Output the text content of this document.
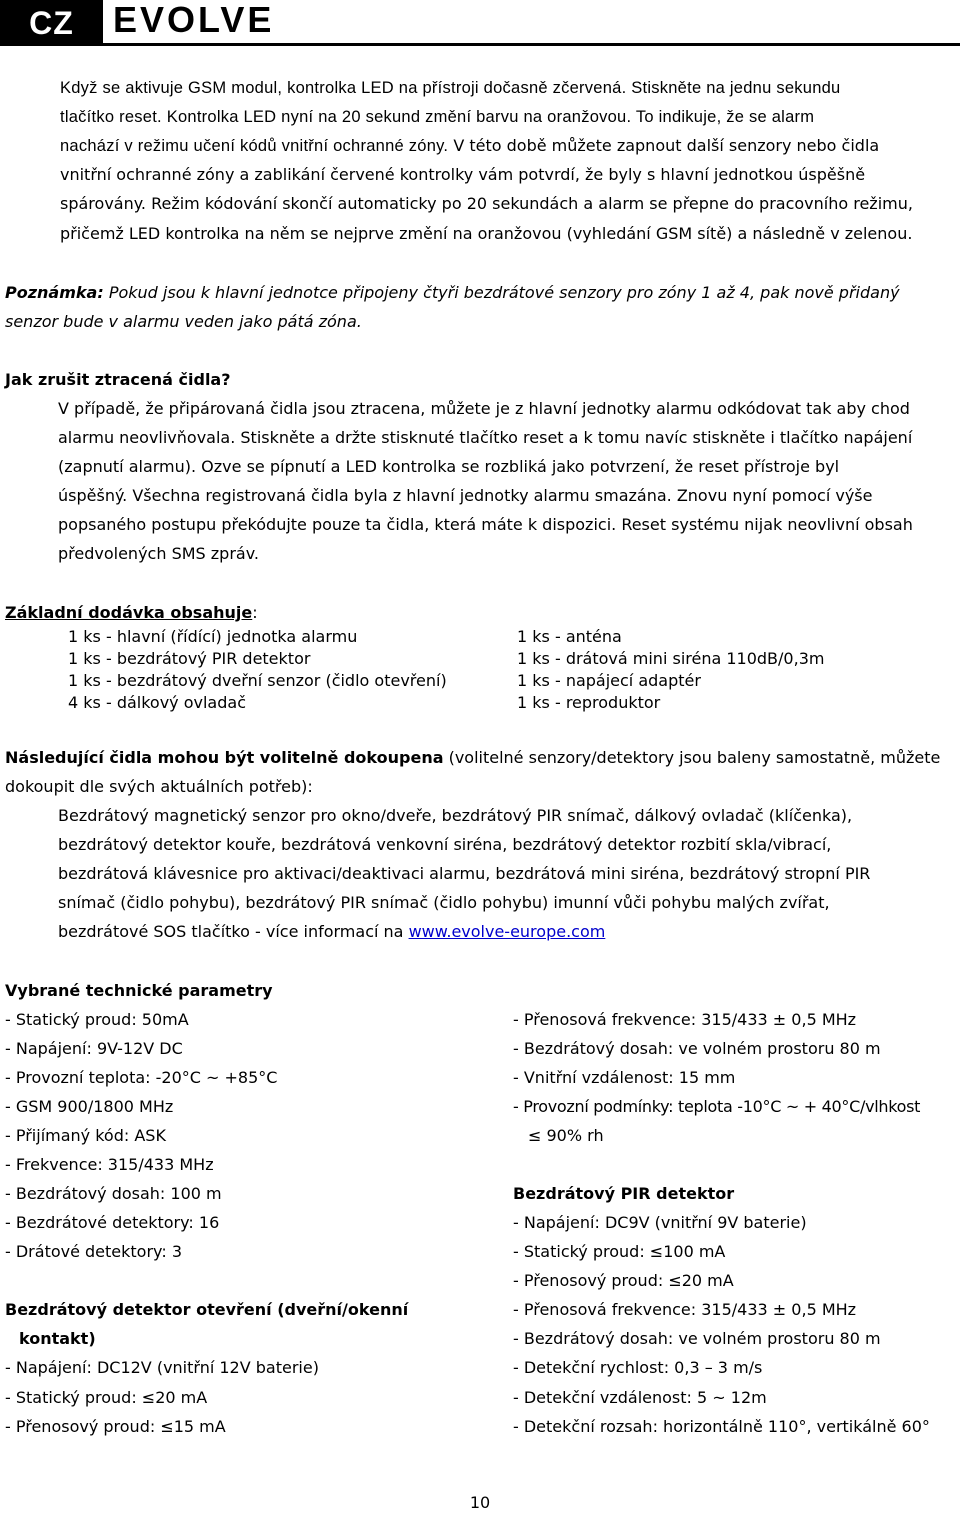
CZ	EVOLVE
Když se aktivuje GSM modul, kontrolka LED na přístroji dočasně zčervená. Stiskněte na jednu sekundu
tlačítko reset. Kontrolka LED nyní na 20 sekund změní barvu na oranžovou. To indikuje, že se alarm
nachází v režimu učení kódů vnitřní ochranné zóny. V této době můžete zapnout další senzory nebo čidla
vnitřní ochranné zóny a zablikání červené kontrolky vám potvrdí, že byly s hlavní jednotkou úspěšně
spárovány. Režim kódování skončí automaticky po 20 sekundách a alarm se přepne do pracovního režimu,
přičemž LED kontrolka na něm se nejprve změní na oranžovou (vyhledání GSM sítě) a následně v zelenou.
Poznámka: Pokud jsou k hlavní jednotce připojeny čtyři bezdrátové senzory pro zóny 1 až 4, pak nově přidaný
senzor bude v alarmu veden jako pátá zóna.
Jak zrušit ztracená čidla?
V případě, že připárovaná čidla jsou ztracena, můžete je z hlavní jednotky alarmu odkódovat tak aby chod
alarmu neovlivňovala. Stiskněte a držte stisknuté tlačítko reset a k tomu navíc stiskněte i tlačítko napájení
(zapnutí alarmu). Ozve se pípnutí a LED kontrolka se rozbliká jako potvrzení, že reset přístroje byl
úspěšný. Všechna registrovaná čidla byla z hlavní jednotky alarmu smazána. Znovu nyní pomocí výše
popsaného postupu překódujte pouze ta čidla, která máte k dispozici. Reset systému nijak neovlivní obsah
předvolených SMS zpráv.
Základní dodávka obsahuje:
1 ks - hlavní (řídící) jednotka alarmu
1 ks - bezdrátový PIR detektor
1 ks - bezdrátový dveřní senzor (čidlo otevření)
4 ks - dálkový ovladač
1 ks - anténa
1 ks - drátová mini siréna 110dB/0,3m
1 ks - napájecí adaptér
1 ks - reproduktor
Následující čidla mohou být volitelně dokoupena (volitelné senzory/detektory jsou baleny samostatně, můžete
dokoupit dle svých aktuálních potřeb):
Bezdrátový magnetický senzor pro okno/dveře, bezdrátový PIR snímač, dálkový ovladač (klíčenka),
bezdrátový detektor kouře, bezdrátová venkovní siréna, bezdrátový detektor rozbití skla/vibrací,
bezdrátová klávesnice pro aktivaci/deaktivaci alarmu, bezdrátová mini siréna, bezdrátový stropní PIR
snímač (čidlo pohybu), bezdrátový PIR snímač (čidlo pohybu) imunní vůči pohybu malých zvířat,
bezdrátové SOS tlačítko - více informací na www.evolve-europe.com
Vybrané technické parametry
- Statický proud: 50mA
- Napájení: 9V-12V DC
- Provozní teplota: -20°C ~ +85°C
- GSM 900/1800 MHz
- Přijímaný kód: ASK
- Frekvence: 315/433 MHz
- Bezdrátový dosah: 100 m
- Bezdrátové detektory: 16
- Drátové detektory: 3
- Přenosová frekvence: 315/433 ± 0,5 MHz
- Bezdrátový dosah: ve volném prostoru 80 m
- Vnitřní vzdálenost: 15 mm
- Provozní podmínky: teplota -10°C ~ + 40°C/vlhkost
≤ 90% rh
Bezdrátový detektor otevření (dveřní/okenní
kontakt)
- Napájení: DC12V (vnitřní 12V baterie)
- Statický proud: ≤20 mA
- Přenosový proud: ≤15 mA
Bezdrátový PIR detektor
- Napájení: DC9V (vnitřní 9V baterie)
- Statický proud: ≤100 mA
- Přenosový proud: ≤20 mA
- Přenosová frekvence: 315/433 ± 0,5 MHz
- Bezdrátový dosah: ve volném prostoru 80 m
- Detekční rychlost: 0,3 – 3 m/s
- Detekční vzdálenost: 5 ~ 12m
- Detekční rozsah: horizontálně 110°, vertikálně 60°
10
